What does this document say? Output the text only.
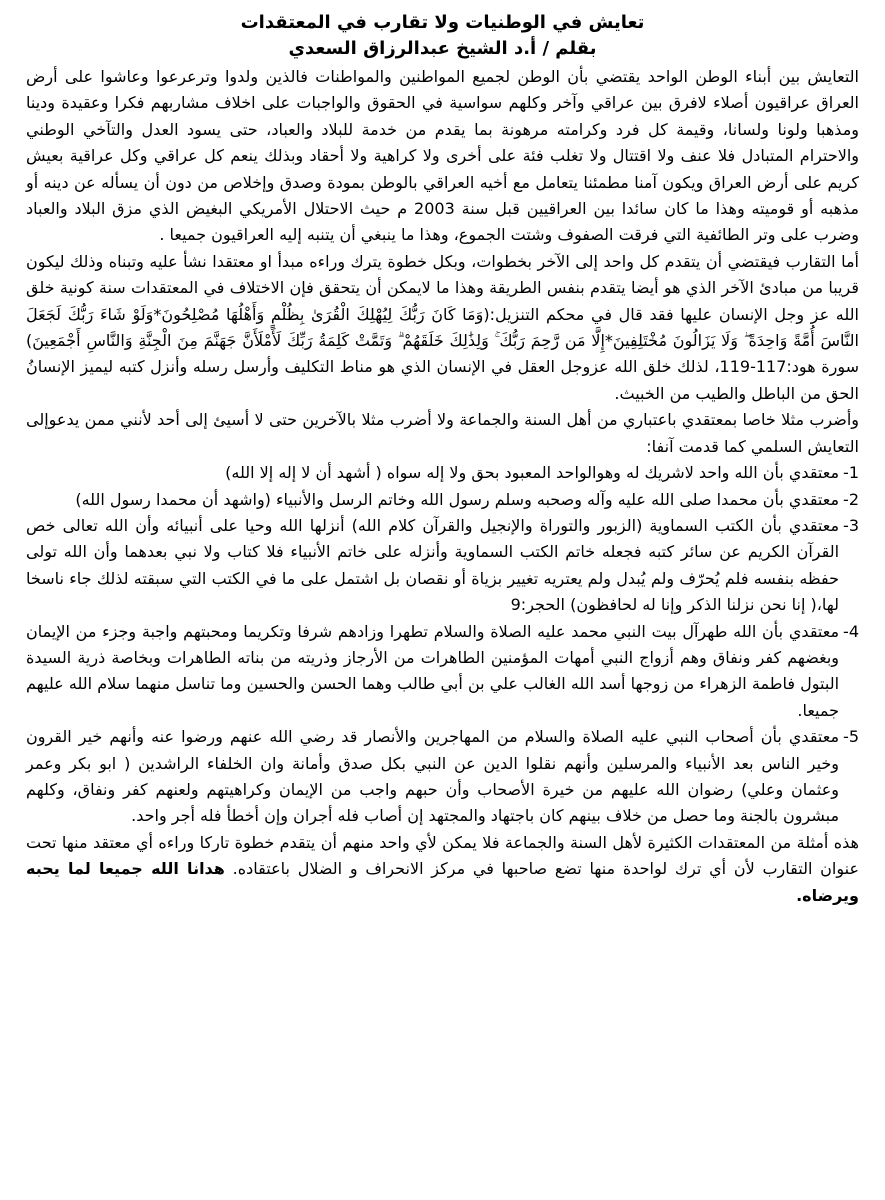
تعايش في الوطنيات ولا تقارب في المعتقدات
بقلم / أ.د الشيخ عبدالرزاق السعدي

التعايش بين أبناء الوطن الواحد يقتضي بأن الوطن لجميع المواطنين والمواطنات فالذين ولدوا وترعرعوا وعاشوا على أرض العراق عراقيون أصلاء لافرق بين عراقي وآخر وكلهم سواسية في الحقوق والواجبات على اخلاف مشاربهم فكرا وعقيدة ودينا ومذهبا ولونا ولسانا، وقيمة كل فرد وكرامته مرهونة بما يقدم من خدمة للبلاد والعباد، حتى يسود العدل والتآخي الوطني والاحترام المتبادل فلا عنف ولا اقتتال ولا تغلب فئة على أخرى ولا كراهية ولا أحقاد وبذلك ينعم كل عراقي وكل عراقية بعيش كريم على أرض العراق ويكون آمنا مطمئنا يتعامل مع أخيه العراقي بالوطن بمودة وصدق وإخلاص من دون أن يسأله عن دينه أو مذهبه أو قوميته وهذا ما كان سائدا بين العراقيين قبل سنة 2003 م حيث الاحتلال الأمريكي البغيض الذي مزق البلاد والعباد وضرب على وتر الطائفية التي فرقت الصفوف وشتت الجموع، وهذا ما ينبغي أن يتنبه إليه العراقيون جميعا .

أما التقارب فيقتضي أن يتقدم كل واحد إلى الآخر بخطوات، وبكل خطوة يترك وراءه مبدأ او معتقدا نشأ عليه وتبناه وذلك ليكون قريبا من مبادئ الآخر الذي هو أيضا يتقدم بنفس الطريقة وهذا ما لايمكن أن يتحقق فإن الاختلاف في المعتقدات سنة كونية خلق الله عز وجل الإنسان عليها فقد قال في محكم التنزيل:(وَمَا كَانَ رَبُّكَ لِيُهْلِكَ الْقُرَىٰ بِظُلْمٍ وَأَهْلُهَا مُصْلِحُونَ*وَلَوْ شَاءَ رَبُّكَ لَجَعَلَ النَّاسَ أُمَّةً وَاحِدَةً ۖ وَلَا يَزَالُونَ مُخْتَلِفِينَ*إِلَّا مَن رَّحِمَ رَبُّكَ ۚ وَلِذَٰلِكَ خَلَقَهُمْ ۗ وَتَمَّتْ كَلِمَةُ رَبِّكَ لَأَمْلَأَنَّ جَهَنَّمَ مِنَ الْجِنَّةِ وَالنَّاسِ أَجْمَعِينَ) سورة هود:117-119، لذلك خلق الله عزوجل العقل في الإنسان الذي هو مناط التكليف وأرسل رسله وأنزل كتبه ليميز الإنسانُ الحق من الباطل والطيب من الخبيث.

وأضرب مثلا خاصا بمعتقدي باعتباري من أهل السنة والجماعة ولا أضرب مثلا بالآخرين حتى لا أسيئ إلى أحد لأنني ممن يدعوإلى التعايش السلمي كما قدمت آنفا:

1-
معتقدي بأن الله واحد لاشريك له وهوالواحد المعبود بحق ولا إله سواه ( أشهد أن لا إله إلا الله)
2-
معتقدي بأن محمدا صلى الله عليه وآله وصحبه وسلم رسول الله وخاتم الرسل والأنبياء (واشهد أن محمدا رسول الله)
3-
معتقدي بأن الكتب السماوية (الزبور والتوراة والإنجيل والقرآن كلام الله) أنزلها الله وحيا على أنبيائه وأن الله تعالى خص القرآن الكريم عن سائر كتبه فجعله خاتم الكتب السماوية وأنزله على خاتم الأنبياء فلا كتاب ولا نبي بعدهما وأن الله تولى حفظه بنفسه فلم يُحرّف ولم يُبدل ولم يعتريه تغيير بزياة أو نقصان بل اشتمل على ما في الكتب التي سبقته لذلك جاء ناسخا لها،( إنا نحن نزلنا الذكر وإنا له لحافظون) الحجر:9
4-
معتقدي بأن الله طهرآل بيت النبي محمد عليه الصلاة والسلام تطهرا وزادهم شرفا وتكريما ومحبتهم واجبة وجزء من الإيمان وبغضهم كفر ونفاق وهم أزواج النبي أمهات المؤمنين الطاهرات من الأرجاز وذريته من بناته الطاهرات وبخاصة ذرية السيدة البتول فاطمة الزهراء من زوجها أسد الله الغالب علي بن أبي طالب وهما الحسن والحسين وما تناسل منهما سلام الله عليهم جميعا.
5-
معتقدي بأن أصحاب النبي عليه الصلاة والسلام من المهاجرين والأنصار قد رضي الله عنهم ورضوا عنه وأنهم خير القرون وخير الناس بعد الأنبياء والمرسلين وأنهم نقلوا الدين عن النبي بكل صدق وأمانة وان الخلفاء الراشدين ( ابو بكر وعمر وعثمان وعلي) رضوان الله عليهم من خيرة الأصحاب وأن حبهم واجب من الإيمان وكراهيتهم ولعنهم كفر ونفاق، وكلهم مبشرون بالجنة وما حصل من خلاف بينهم كان باجتهاد والمجتهد إن أصاب فله أجران وإن أخطأ فله أجر واحد.

هذه أمثلة من المعتقدات الكثيرة لأهل السنة والجماعة فلا يمكن لأي واحد منهم أن يتقدم خطوة تاركا وراءه أي معتقد منها تحت عنوان التقارب لأن أي ترك لواحدة منها تضع صاحبها في مركز الانحراف و الضلال باعتقاده. هدانا الله جميعا لما يحبه ويرضاه.
